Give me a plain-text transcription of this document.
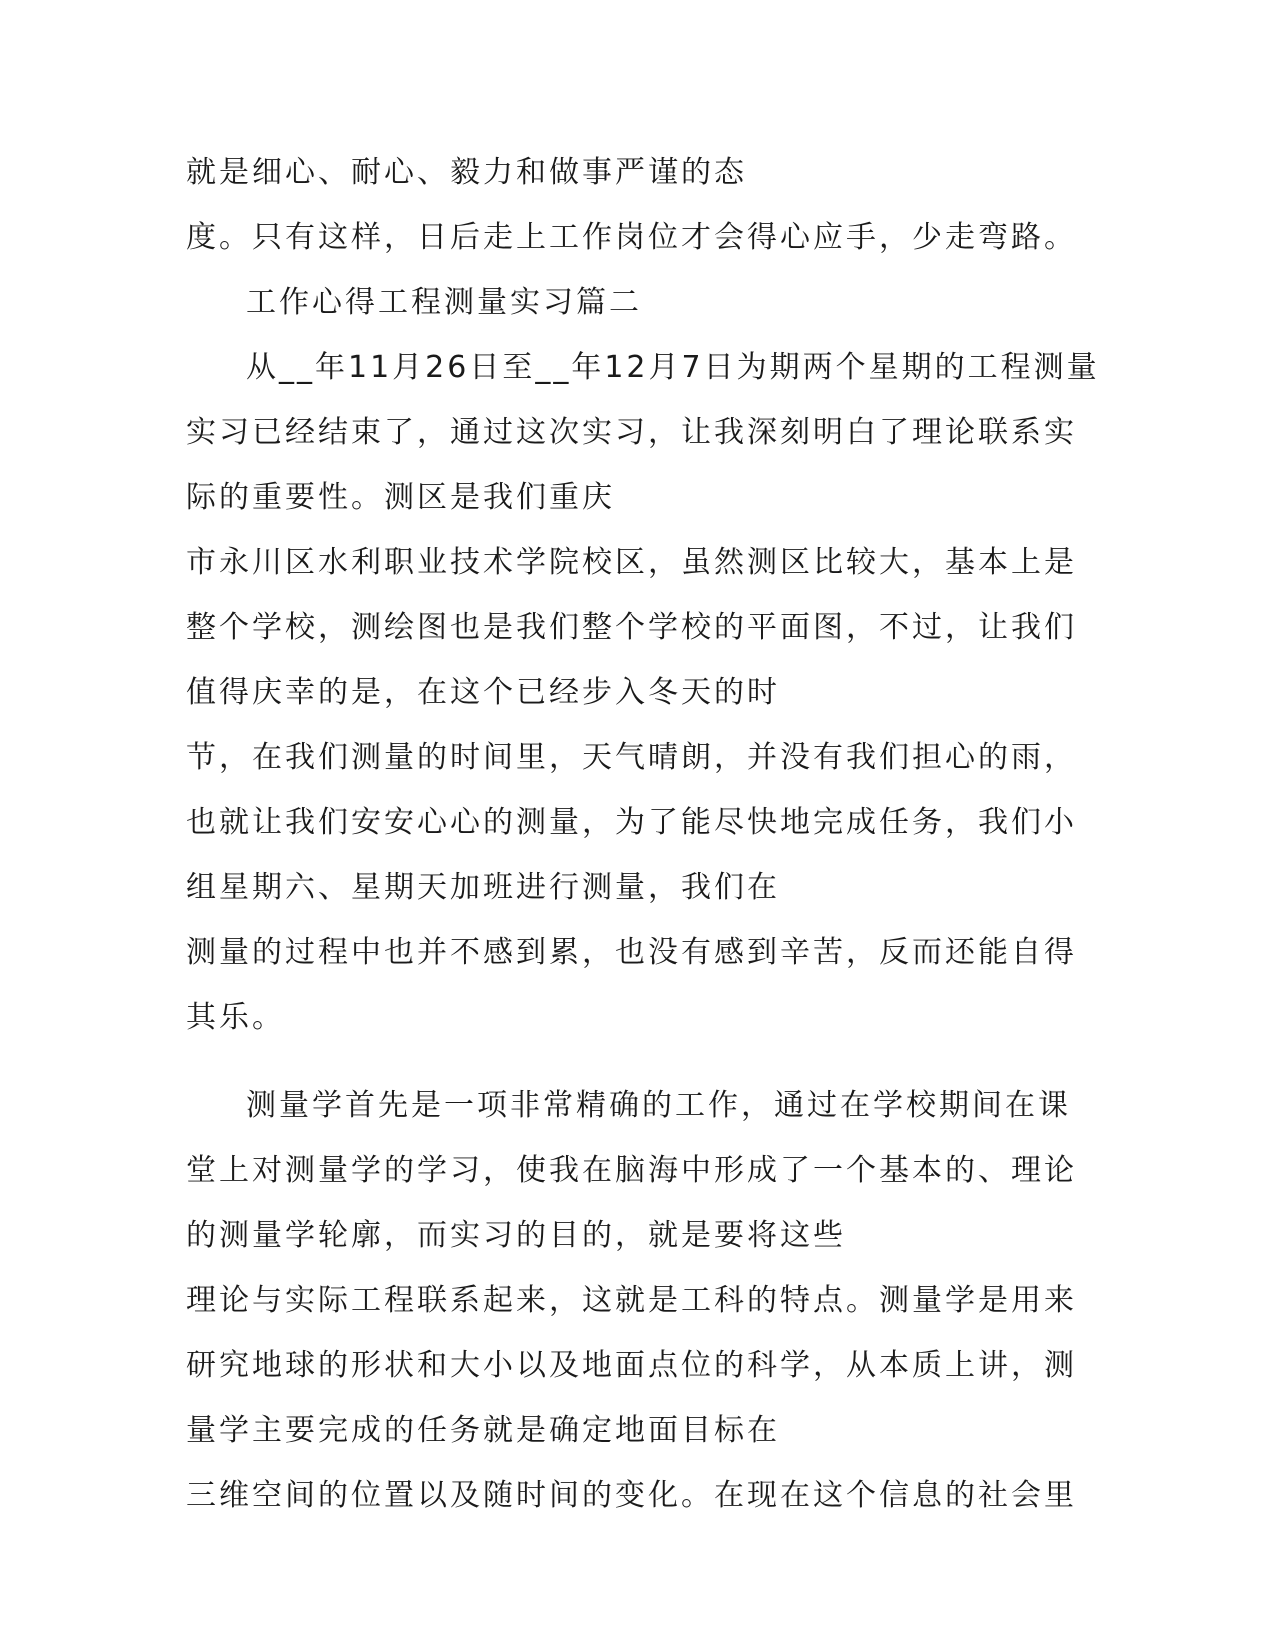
就是细心、耐心、毅力和做事严谨的态
度。只有这样，日后走上工作岗位才会得心应手，少走弯路。
工作心得工程测量实习篇二
从__年11月26日至__年12月7日为期两个星期的工程测量
实习已经结束了，通过这次实习，让我深刻明白了理论联系实
际的重要性。测区是我们重庆
市永川区水利职业技术学院校区，虽然测区比较大，基本上是
整个学校，测绘图也是我们整个学校的平面图，不过，让我们
值得庆幸的是，在这个已经步入冬天的时
节，在我们测量的时间里，天气晴朗，并没有我们担心的雨，
也就让我们安安心心的测量，为了能尽快地完成任务，我们小
组星期六、星期天加班进行测量，我们在
测量的过程中也并不感到累，也没有感到辛苦，反而还能自得
其乐。
测量学首先是一项非常精确的工作，通过在学校期间在课
堂上对测量学的学习，使我在脑海中形成了一个基本的、理论
的测量学轮廓，而实习的目的，就是要将这些
理论与实际工程联系起来，这就是工科的特点。测量学是用来
研究地球的形状和大小以及地面点位的科学，从本质上讲，测
量学主要完成的任务就是确定地面目标在
三维空间的位置以及随时间的变化。在现在这个信息的社会里
